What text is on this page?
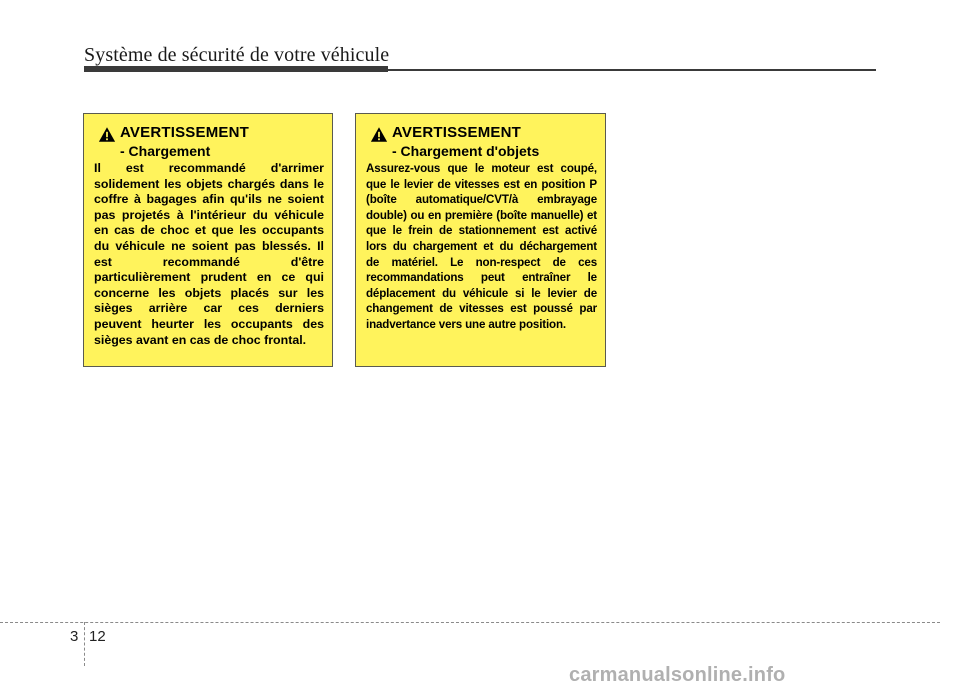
Système de sécurité de votre véhicule
AVERTISSEMENT
- Chargement
Il est recommandé d'arrimer solidement les objets chargés dans le coffre à bagages afin qu'ils ne soient pas projetés à l'intérieur du véhicule en cas de choc et que les occupants du véhicule ne soient pas blessés. Il est recommandé d'être particulièrement prudent en ce qui concerne les objets placés sur les sièges arrière car ces derniers peuvent heurter les occupants des sièges avant en cas de choc frontal.
AVERTISSEMENT
- Chargement d'objets
Assurez-vous que le moteur est coupé, que le levier de vitesses est en position P (boîte automatique/CVT/à embrayage double) ou en première (boîte manuelle) et que le frein de stationnement est activé lors du chargement et du déchargement de matériel. Le non-respect de ces recommandations peut entraîner le déplacement du véhicule si le levier de changement de vitesses est poussé par inadvertance vers une autre position.
3 12
carmanualsonline.info
